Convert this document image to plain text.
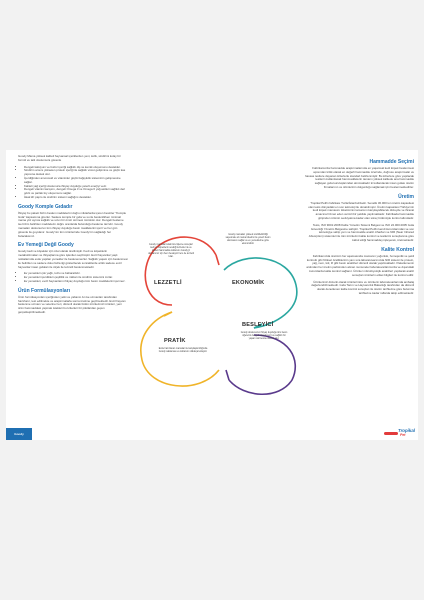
Goody Mama yüksek kaliteli hayvansal içeriklerden yeni, kolik, sindirimi kolay bir formül ve tatlı dostumuza güvenle

• Dengeli kalsiyum ve fosfor içeriği sağlıklı diş ve kemik oluşumunu destekler.
• Sindirim arısını yükselen protein içeriği ile sağlıklı vücut gelişimine ve güçlü kas yapısına destek olur.
• İçerdiğinden amonosid ve vitaminler güçlü bağışıklık sisteminin gelişmesine sağlar.
• Kaliteli yağ içeriği dostunuza ihtiyaç duyduğu yeterli enerjiyi verir.
• Dengeli vitamin karışımı, dengeli Omega 3 ve Omega 6 yağ asitleri sağlıklı deri gözü ve parlak tüy oluşumunu sağlar.
• İdeal kF papro ile sindirim sistemi sağlığını destekler.
Goody Komple Gıdadır

İhtiyaç bu paketi bizim beslen maddelerini doğru miktarlarda içeren besinler "Komple Gıda" kapsamına girerler. Sadece komple bir gıda ve su ile beslenilirken minimal mama yüz ayrıca sağlıklı ve uzun bir ömür sürmesi mümkün olur. Dengeli besleme ise bizim belirtilen maddelerin doğru oranlarda bulunduğu besleme tarzıdır. Goody mamaları dostunuzun tüm ihtiyaç duyduğu besin maddelerini içerir ve her gün güvenle ile goyulanır. Goody'nin tüm ürünlerinde Goody'nin sağladığı her bulacaksınız.

Ev Yemeği Değil Goody

Goody kedi ve köpekler için özel olarak üretilmiştir. Kedi ve köpeklerin metabolizmaları ve ihtiyaçlarına göre işlenilen seçilmiştir. Evcil hayvanlar yaşlı noktalarında evde yapılan yemekler ile beslenemezler. Sağlıklı yaşam için beslenmesi ile belirtilen ve sadece doku fazla ilgi gösterilecek sonrakilerde arttık sadece evcil hayvanlar insan gıdaları ile ölçek ile lezzetli beslenmektedir.

• Ev yemekleri çok yağlı, tuzlu ve baharatlıdır.
• Ev yemekleri içerdikleri çeşitlilik ve miktarı ile sindirim sistemini zorlar.
• Ev yemekleri, evcil hayvanların ihtiyaç duyduğu tüm besin maddelerini içermez.
Ürün Formülasyonları

Ürün formülasyonları içeriğinden yetki ve yabancı Ar-Ge uzmanları tarafından hazırlanır, test edilmekte ve araştırmalarla sonra üretime geçilmektedir. Evcil hayvan beslenme uzmanı ve veteriner leri, düzenli olarak bütün ürünlerimizi ürünleri, yeni ürün hammaddesi yapmak istekleri bu kriterleri bir pilotlardan geçen gerçekleştirilmektedir.

Goody mamalarındaki özel işleme süreçleri kedi ve köpeklerin sevdiği lezzetler ile ve kaliteli hammadde kullanımı Goody'yi dostlarımız için hem besleyici hem de lezzetli kılar.
LEZZETLİ
Goody mamaları yüksek sindirilebilirliği sayesinde az mama tüketimi ile yeterli besin alınmasını sağlar ve ev yemeklerine göre ekonomiktir.
EKONOMİK
BESLEYİCİ
Goody dostunuzun ihtiyaç duyduğu tüm besin öğelerini dengeli olarak içerir ve sağlıklı bir yaşam sürmesine destek olur.
PRATİK
Evde hazırlanan mamalar ile karşılaştırıldığında Goody saklaması ve kullanımı oldukça kolaydır.
Hammadde Seçimi

Fabrikamızda hammadde araştırmalarında en yaşamsal kedi köpek beslenmesi açısından kritik olarak en değerli hammadde üzerinde, doğrusu araştırmalar ve hassas testlere dayanan kriterlerle standart belirlenmiştir. Bu kriterlere göre yapılacak testlerin kullanılacak hammaddelerin tamamı yüksek kalitede ana hammadde sağlayan gıda kuruluşlarından alınmaktadır ki kullanılacak insan gıdası üretim firmalarının ve ürünlerinin dolgunluğu sağlamak için beslenmektedirler.

Üretim

Tropikal Petfin fabrikası Tuzla/İstanbul'dadır. Senelik 30.000 ton üretim kapasitesi olan tesis dünyadaki en son teknoloji ile donatılmıştır. Üretim kapasitesi Türkiye'nin kedi köpek mamasını tüketiminin tamamını karşılayabilecek düzeyde ve ihracat amacına hizmet eden verimli bir şekilde yapılmaktadır. Fabrikada hammadde girişinden ürünün sevkiyatına kadar olan süreç bütünüyle kontrol altındadır.

Tesis, ISO 9001:2008 Kalite Yönetim Sistemi Belgesi ve ISO 22.000:2005 Gıda Güvenliği Yönetim Belgesine sahiptir. Tropikal Petfin kendi kurumlarından ve son teknolojiye sahip yem ve hammadde analiz cihazları ve NIR (Near Infrared Absorption) sistemleri ile tüm ürünlerini kalite kontrol ve testlerini sonuçlanma göre kabul ettiği hammaddeyi işleyerek, üretmektedir.

Kalite Kontrol

Fabrikamızda üretimin her aşamasında mamanın yoğunluk, homojenlik ve şekil kontrolü gibi fiziksel özelliklerinin yanı sıra laboratuvarımızda NIR sistemi ile protein, yağ, nem, kül, lif gibi besin analizleri düzenli olarak yapılmaktadır. Paketlemenin ardından her üretim partisinden alınan numuneler laboratuvarlarımızda ve dışarıdaki kurumlarda kalite kontrol sağlanır. Ürünler mikrobiyolojik analizleri yapılarak analiz sonuçları ürünlerin etiket bilgileri ile kontrol edilir.

Ürünlerimiz düzenli olarak ürünlerimize ve ürünlerin laboratuvarlarında ambalaj değerlendirilmektedir. Gıda Tarım ve Hayvancılık Bakanlığı tarafından da düzenli olarak denetlenen kalite kontrol sonuçları ile üretim tarihlerine göre bulunma tarihlerine kadar raflarda takip edilmektedir.

Goody
Tropikal
Pet
